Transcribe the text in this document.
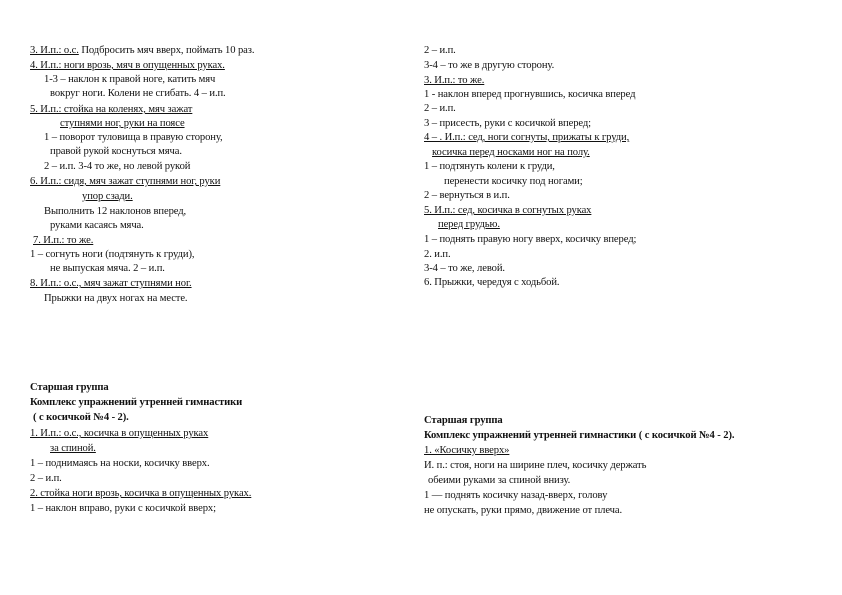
3. И.п.: о.с. Подбросить мяч вверх, поймать 10 раз.
4. И.п.: ноги врозь, мяч в опущенных руках.
1-3 – наклон к правой ноге, катить мяч
вокруг ноги. Колени не сгибать. 4 – и.п.
5. И.п.: стойка на коленях, мяч зажат
ступнями ног, руки на поясе
1 – поворот туловища в правую сторону,
правой рукой коснуться мяча.
2 – и.п. 3-4 то же, но левой рукой
6. И.п.: сидя, мяч зажат ступнями ног, руки
упор сзади.
Выполнить 12 наклонов вперед,
руками касаясь мяча.
7. И.п.: то же.
1 – согнуть ноги (подтянуть к груди),
не выпуская мяча. 2 – и.п.
8. И.п.: о.с., мяч зажат ступнями ног.
Прыжки на двух ногах на месте.
2 – и.п.
3-4 – то же в другую сторону.
3. И.п.: то же.
1 - наклон вперед прогнувшись, косичка вперед
2 – и.п.
3 – присесть, руки с косичкой вперед;
4 – . И.п.: сед, ноги согнуты, прижаты к груди,
косичка перед носками ног на полу.
1 – подтянуть колени к груди,
перенести косичку под ногами;
2 – вернуться в и.п.
5. И.п.: сед, косичка в согнутых руках
перед грудью.
1 – поднять правую ногу вверх, косичку вперед;
2. и.п.
3-4 – то же, левой.
6. Прыжки, чередуя с ходьбой.
Старшая группа
Комплекс упражнений утренней гимнастики
( с косичкой №4 - 2).
1. И.п.: о.с., косичка в опущенных руках
за спиной.
1 – поднимаясь на носки, косичку вверх.
2 – и.п.
2. стойка ноги врозь, косичка в опущенных руках.
1 – наклон вправо, руки с косичкой вверх;
Старшая группа
Комплекс упражнений утренней гимнастики ( с косичкой №4 - 2).
1. «Косичку вверх»
И. п.: стоя, ноги на ширине плеч, косичку держать
обеими руками за спиной внизу.
1 — поднять косичку назад-вверх, голову
не опускать, руки прямо, движение от плеча.
